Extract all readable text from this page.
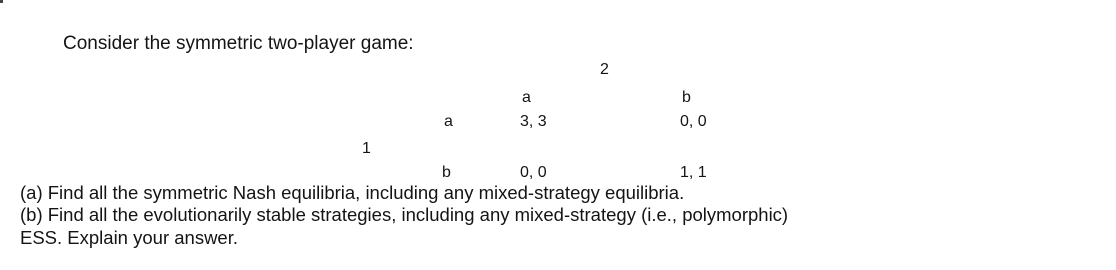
Consider the symmetric two-player game:
2
a	b
a	3, 3	0, 0
1
b	0, 0	1, 1
(a) Find all the symmetric Nash equilibria, including any mixed-strategy equilibria.
(b) Find all the evolutionarily stable strategies, including any mixed-strategy (i.e., polymorphic)
ESS. Explain your answer.
